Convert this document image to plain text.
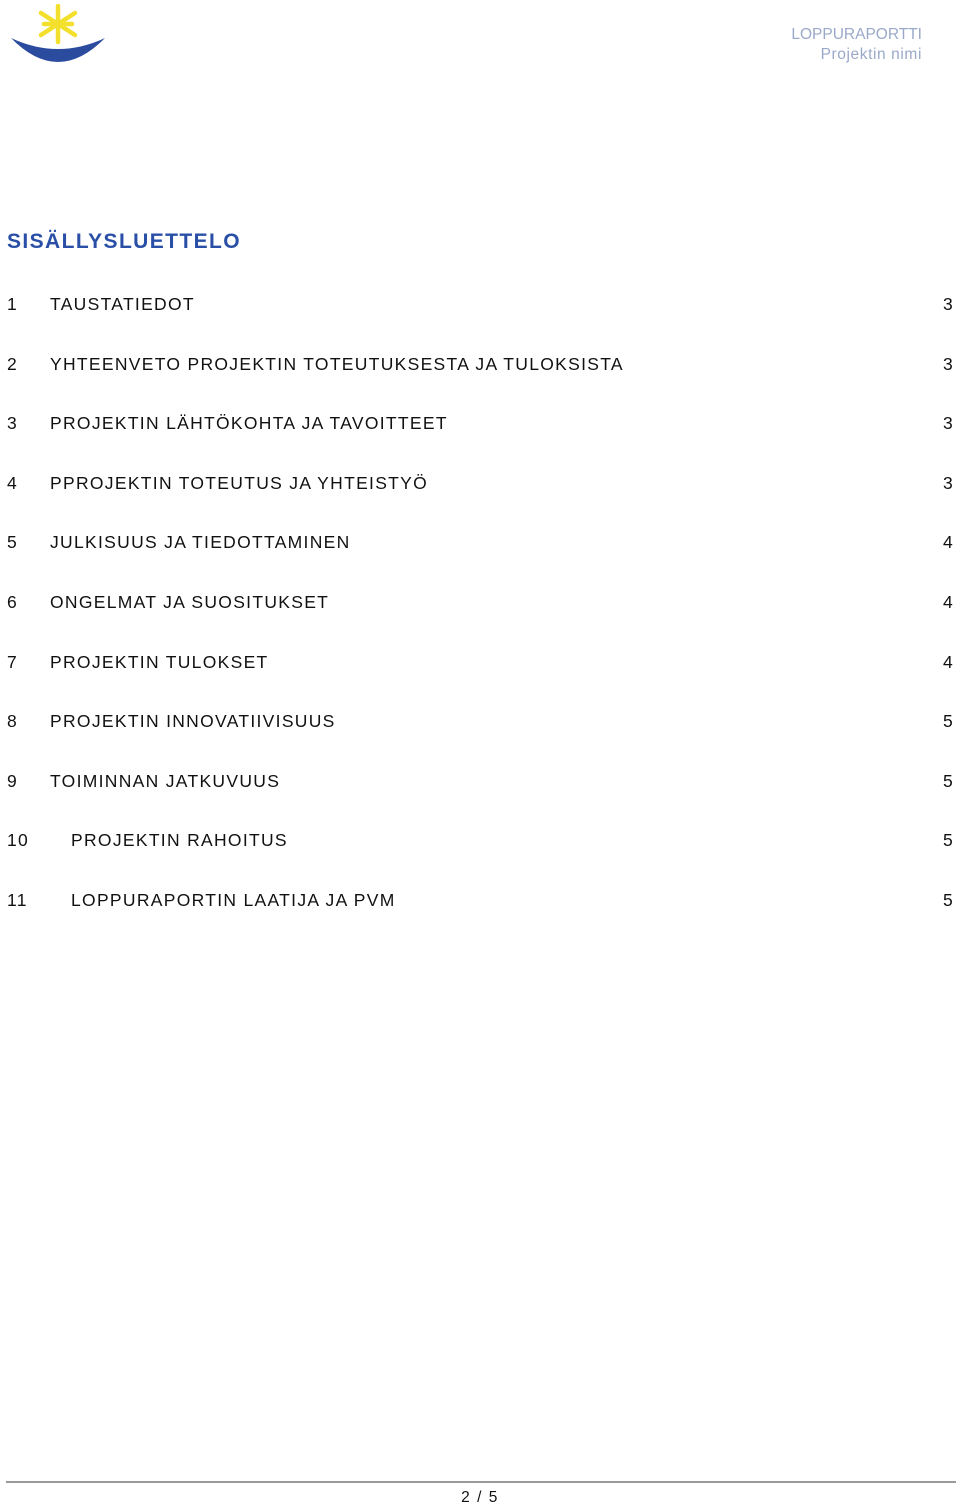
LOPPURAPORTTI
Projektin nimi
SISÄLLYSLUETTELO
1 TAUSTATIEDOT	3
2 YHTEENVETO PROJEKTIN TOTEUTUKSESTA JA TULOKSISTA	3
3 PROJEKTIN LÄHTÖKOHTA JA TAVOITTEET	3
4 PPROJEKTIN TOTEUTUS JA YHTEISTYÖ	3
5 JULKISUUS JA TIEDOTTAMINEN	4
6 ONGELMAT JA SUOSITUKSET	4
7 PROJEKTIN TULOKSET	4
8 PROJEKTIN INNOVATIIVISUUS	5
9 TOIMINNAN JATKUVUUS	5
10 PROJEKTIN RAHOITUS	5
11 LOPPURAPORTIN LAATIJA JA PVM	5
2 / 5
